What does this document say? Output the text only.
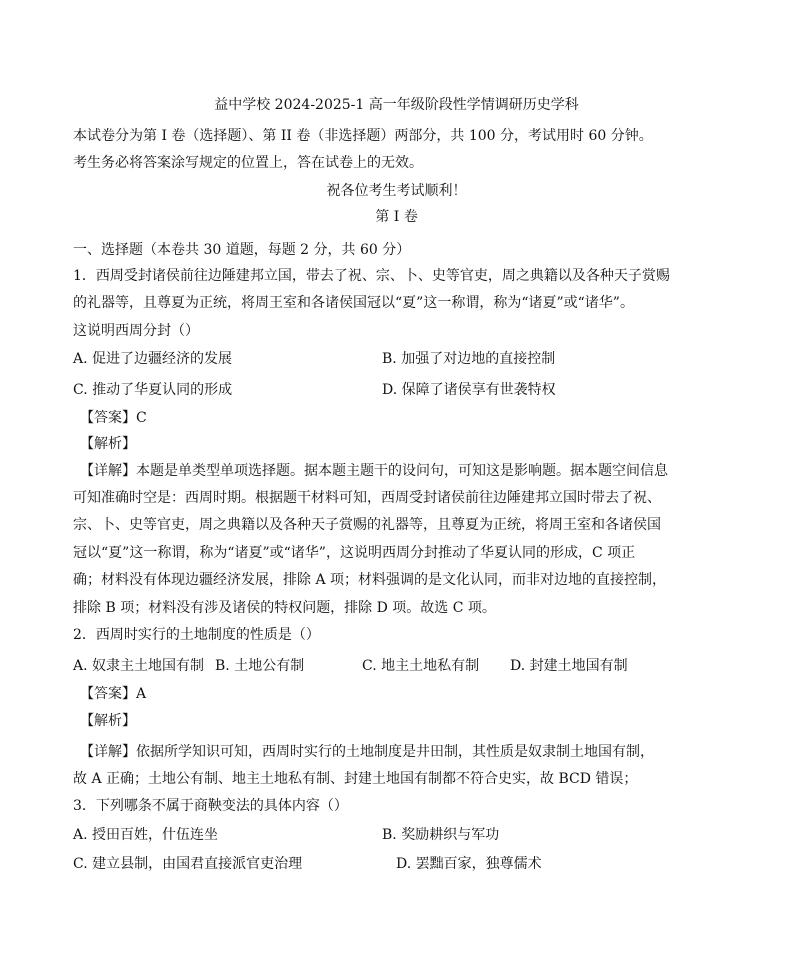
益中学校 2024-2025-1 高一年级阶段性学情调研历史学科
本试卷分为第 I 卷（选择题）、第 II 卷（非选择题）两部分，共 100 分，考试用时 60 分钟。
考生务必将答案涂写规定的位置上，答在试卷上的无效。
祝各位考生考试顺利！
第 I 卷
一、选择题（本卷共 30 道题，每题 2 分，共 60 分）
1．西周受封诸侯前往边陲建邦立国，带去了祝、宗、卜、史等官吏，周之典籍以及各种天子赏赐
的礼器等，且尊夏为正统，将周王室和各诸侯国冠以“夏”这一称谓，称为“诸夏”或“诸华”。
这说明西周分封（）
A. 促进了边疆经济的发展	B. 加强了对边地的直接控制
C. 推动了华夏认同的形成	D. 保障了诸侯享有世袭特权
【答案】C
【解析】
【详解】本题是单类型单项选择题。据本题主题干的设问句，可知这是影响题。据本题空间信息
可知准确时空是：西周时期。根据题干材料可知，西周受封诸侯前往边陲建邦立国时带去了祝、
宗、卜、史等官吏，周之典籍以及各种天子赏赐的礼器等，且尊夏为正统，将周王室和各诸侯国
冠以“夏”这一称谓，称为“诸夏”或“诸华”，这说明西周分封推动了华夏认同的形成，C 项正
确；材料没有体现边疆经济发展，排除 A 项；材料强调的是文化认同，而非对边地的直接控制，
排除 B 项；材料没有涉及诸侯的特权问题，排除 D 项。故选 C 项。
2．西周时实行的土地制度的性质是（）
A. 奴隶主土地国有制 B. 土地公有制	C. 地主土地私有制 D. 封建土地国有制
【答案】A
【解析】
【详解】依据所学知识可知，西周时实行的土地制度是井田制，其性质是奴隶制土地国有制，
故 A 正确；土地公有制、地主土地私有制、封建土地国有制都不符合史实，故 BCD 错误；
3．下列哪条不属于商鞅变法的具体内容（）
A. 授田百姓，什伍连坐	B. 奖励耕织与军功
C. 建立县制，由国君直接派官吏治理	D. 罢黜百家，独尊儒术
